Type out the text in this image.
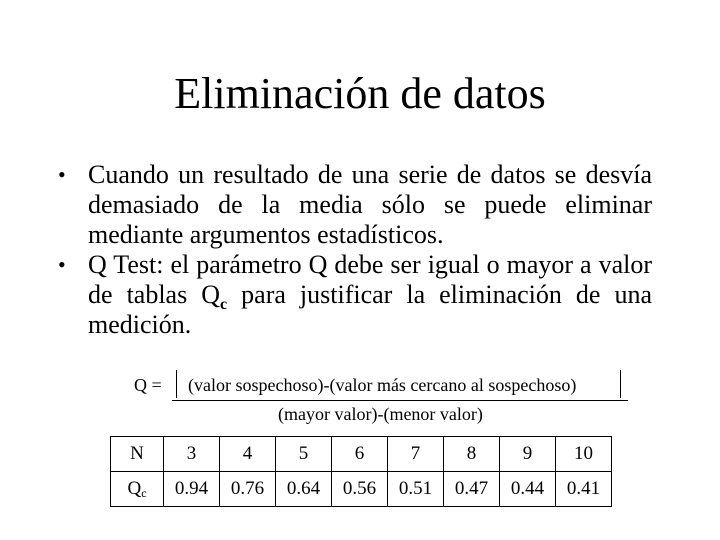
Eliminación de datos
• Cuando un resultado de una serie de datos se desvía demasiado de la media sólo se puede eliminar mediante argumentos estadísticos.
• Q Test: el parámetro Q debe ser igual o mayor a valor de tablas $Q_c$ para justificar la eliminación de una medición.
Q = (valor sospechoso)-(valor más cercano al sospechoso)
(mayor valor)-(menor valor)
N	3	4	5	6	7	8	9	10
Qc	0.94	0.76	0.64	0.56	0.51	0.47	0.44	0.41
